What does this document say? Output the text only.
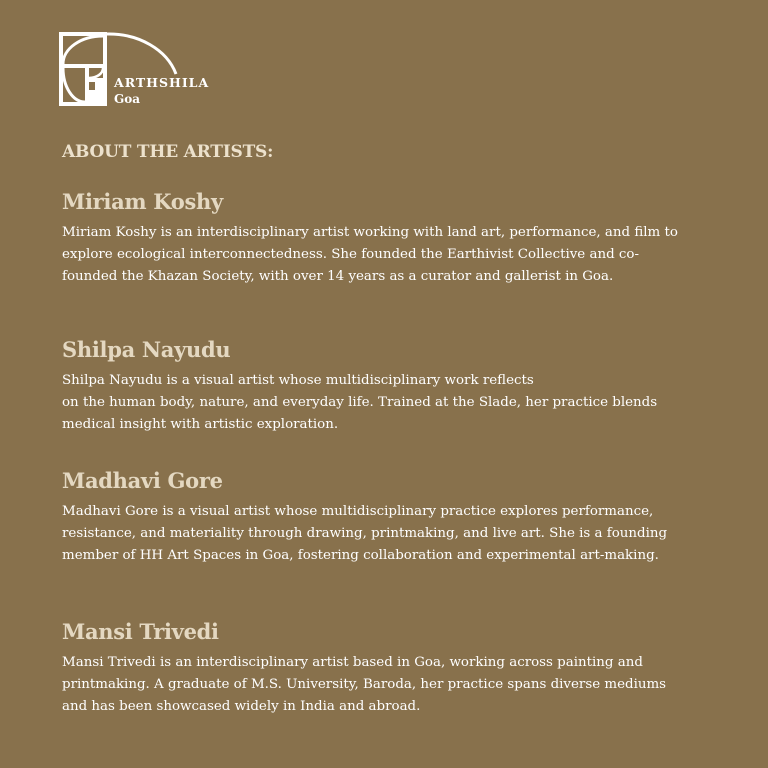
ARTHSHILA
Goa
ABOUT THE ARTISTS:
Miriam Koshy

Miriam Koshy is an interdisciplinary artist working with land art, performance, and film to
explore ecological interconnectedness. She founded the Earthivist Collective and co-
founded the Khazan Society, with over 14 years as a curator and gallerist in Goa.

Shilpa Nayudu

Shilpa Nayudu is a visual artist whose multidisciplinary work reflects
on the human body, nature, and everyday life. Trained at the Slade, her practice blends
medical insight with artistic exploration.

Madhavi Gore

Madhavi Gore is a visual artist whose multidisciplinary practice explores performance,
resistance, and materiality through drawing, printmaking, and live art. She is a founding
member of HH Art Spaces in Goa, fostering collaboration and experimental art-making.

Mansi Trivedi

Mansi Trivedi is an interdisciplinary artist based in Goa, working across painting and
printmaking. A graduate of M.S. University, Baroda, her practice spans diverse mediums
and has been showcased widely in India and abroad.
